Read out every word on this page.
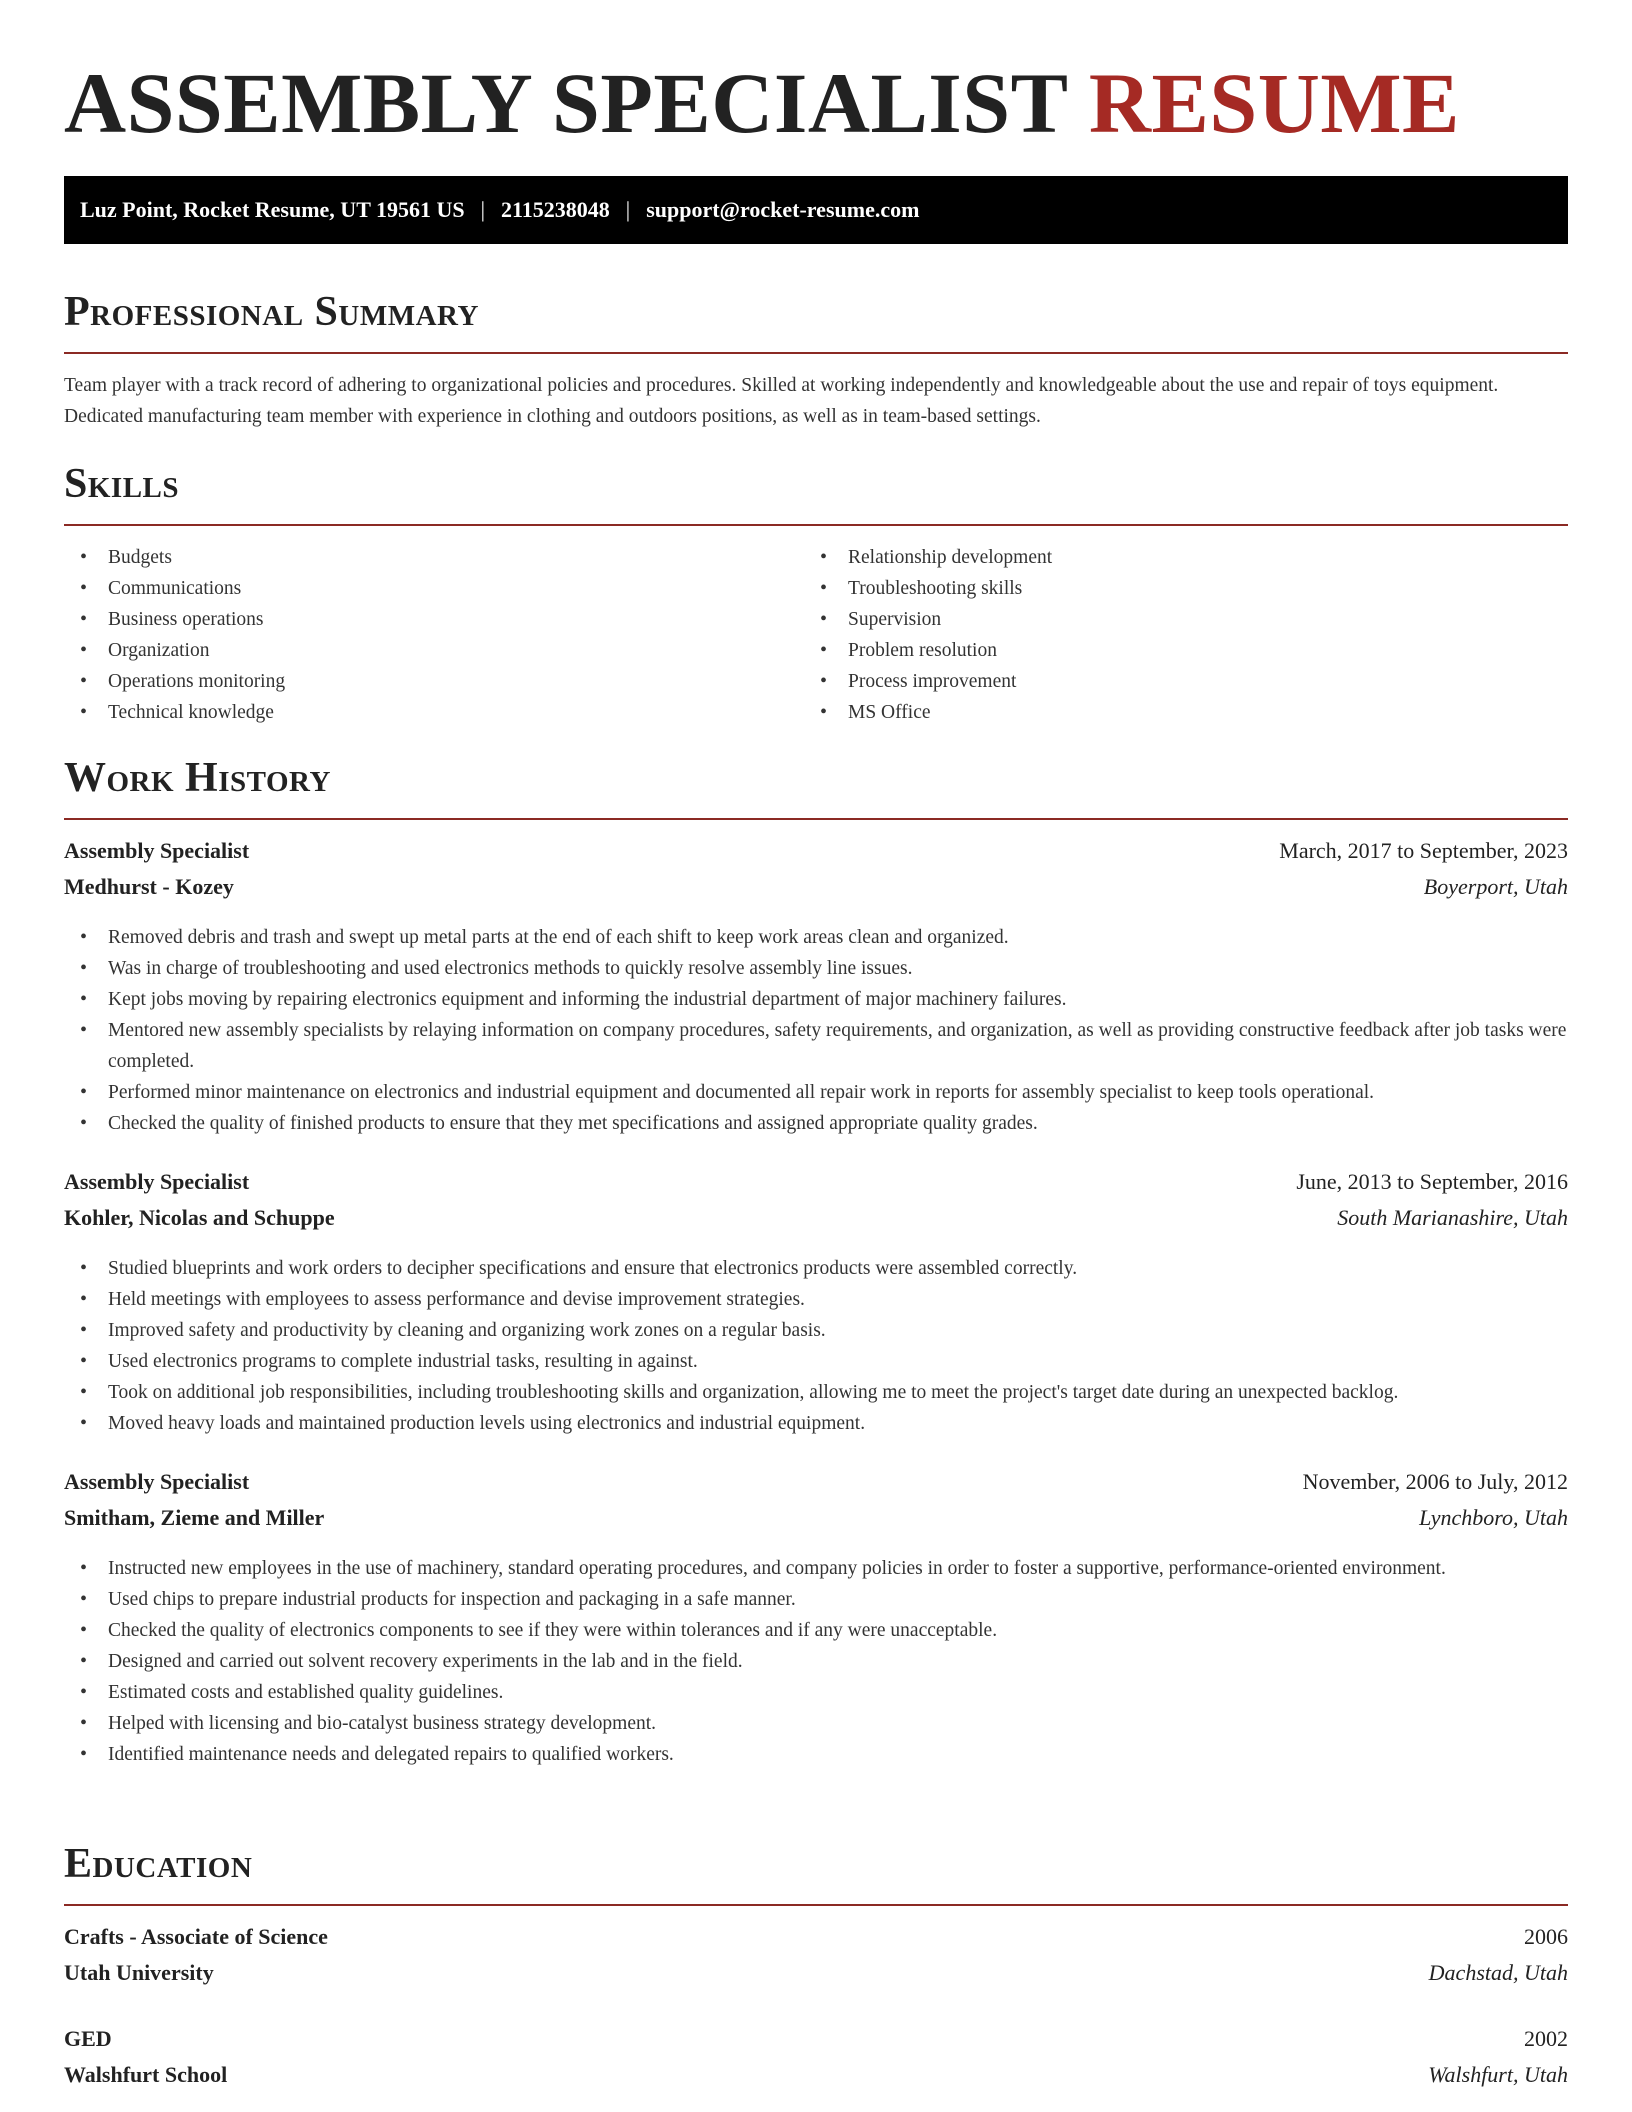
ASSEMBLY SPECIALIST RESUME
Luz Point, Rocket Resume, UT 19561 US | 2115238048 | support@rocket-resume.com
Professional Summary
Team player with a track record of adhering to organizational policies and procedures. Skilled at working independently and knowledgeable about the use and repair of toys equipment. Dedicated manufacturing team member with experience in clothing and outdoors positions, as well as in team-based settings.
Skills
• Budgets
• Communications
• Business operations
• Organization
• Operations monitoring
• Technical knowledge
• Relationship development
• Troubleshooting skills
• Supervision
• Problem resolution
• Process improvement
• MS Office
Work History
Assembly Specialist	March, 2017 to September, 2023
Medhurst - Kozey	Boyerport, Utah
• Removed debris and trash and swept up metal parts at the end of each shift to keep work areas clean and organized.
• Was in charge of troubleshooting and used electronics methods to quickly resolve assembly line issues.
• Kept jobs moving by repairing electronics equipment and informing the industrial department of major machinery failures.
• Mentored new assembly specialists by relaying information on company procedures, safety requirements, and organization, as well as providing constructive feedback after job tasks were completed.
• Performed minor maintenance on electronics and industrial equipment and documented all repair work in reports for assembly specialist to keep tools operational.
• Checked the quality of finished products to ensure that they met specifications and assigned appropriate quality grades.
Assembly Specialist	June, 2013 to September, 2016
Kohler, Nicolas and Schuppe	South Marianashire, Utah
• Studied blueprints and work orders to decipher specifications and ensure that electronics products were assembled correctly.
• Held meetings with employees to assess performance and devise improvement strategies.
• Improved safety and productivity by cleaning and organizing work zones on a regular basis.
• Used electronics programs to complete industrial tasks, resulting in against.
• Took on additional job responsibilities, including troubleshooting skills and organization, allowing me to meet the project's target date during an unexpected backlog.
• Moved heavy loads and maintained production levels using electronics and industrial equipment.
Assembly Specialist	November, 2006 to July, 2012
Smitham, Zieme and Miller	Lynchboro, Utah
• Instructed new employees in the use of machinery, standard operating procedures, and company policies in order to foster a supportive, performance-oriented environment.
• Used chips to prepare industrial products for inspection and packaging in a safe manner.
• Checked the quality of electronics components to see if they were within tolerances and if any were unacceptable.
• Designed and carried out solvent recovery experiments in the lab and in the field.
• Estimated costs and established quality guidelines.
• Helped with licensing and bio-catalyst business strategy development.
• Identified maintenance needs and delegated repairs to qualified workers.
Education
Crafts - Associate of Science	2006
Utah University	Dachstad, Utah
GED	2002
Walshfurt School	Walshfurt, Utah
